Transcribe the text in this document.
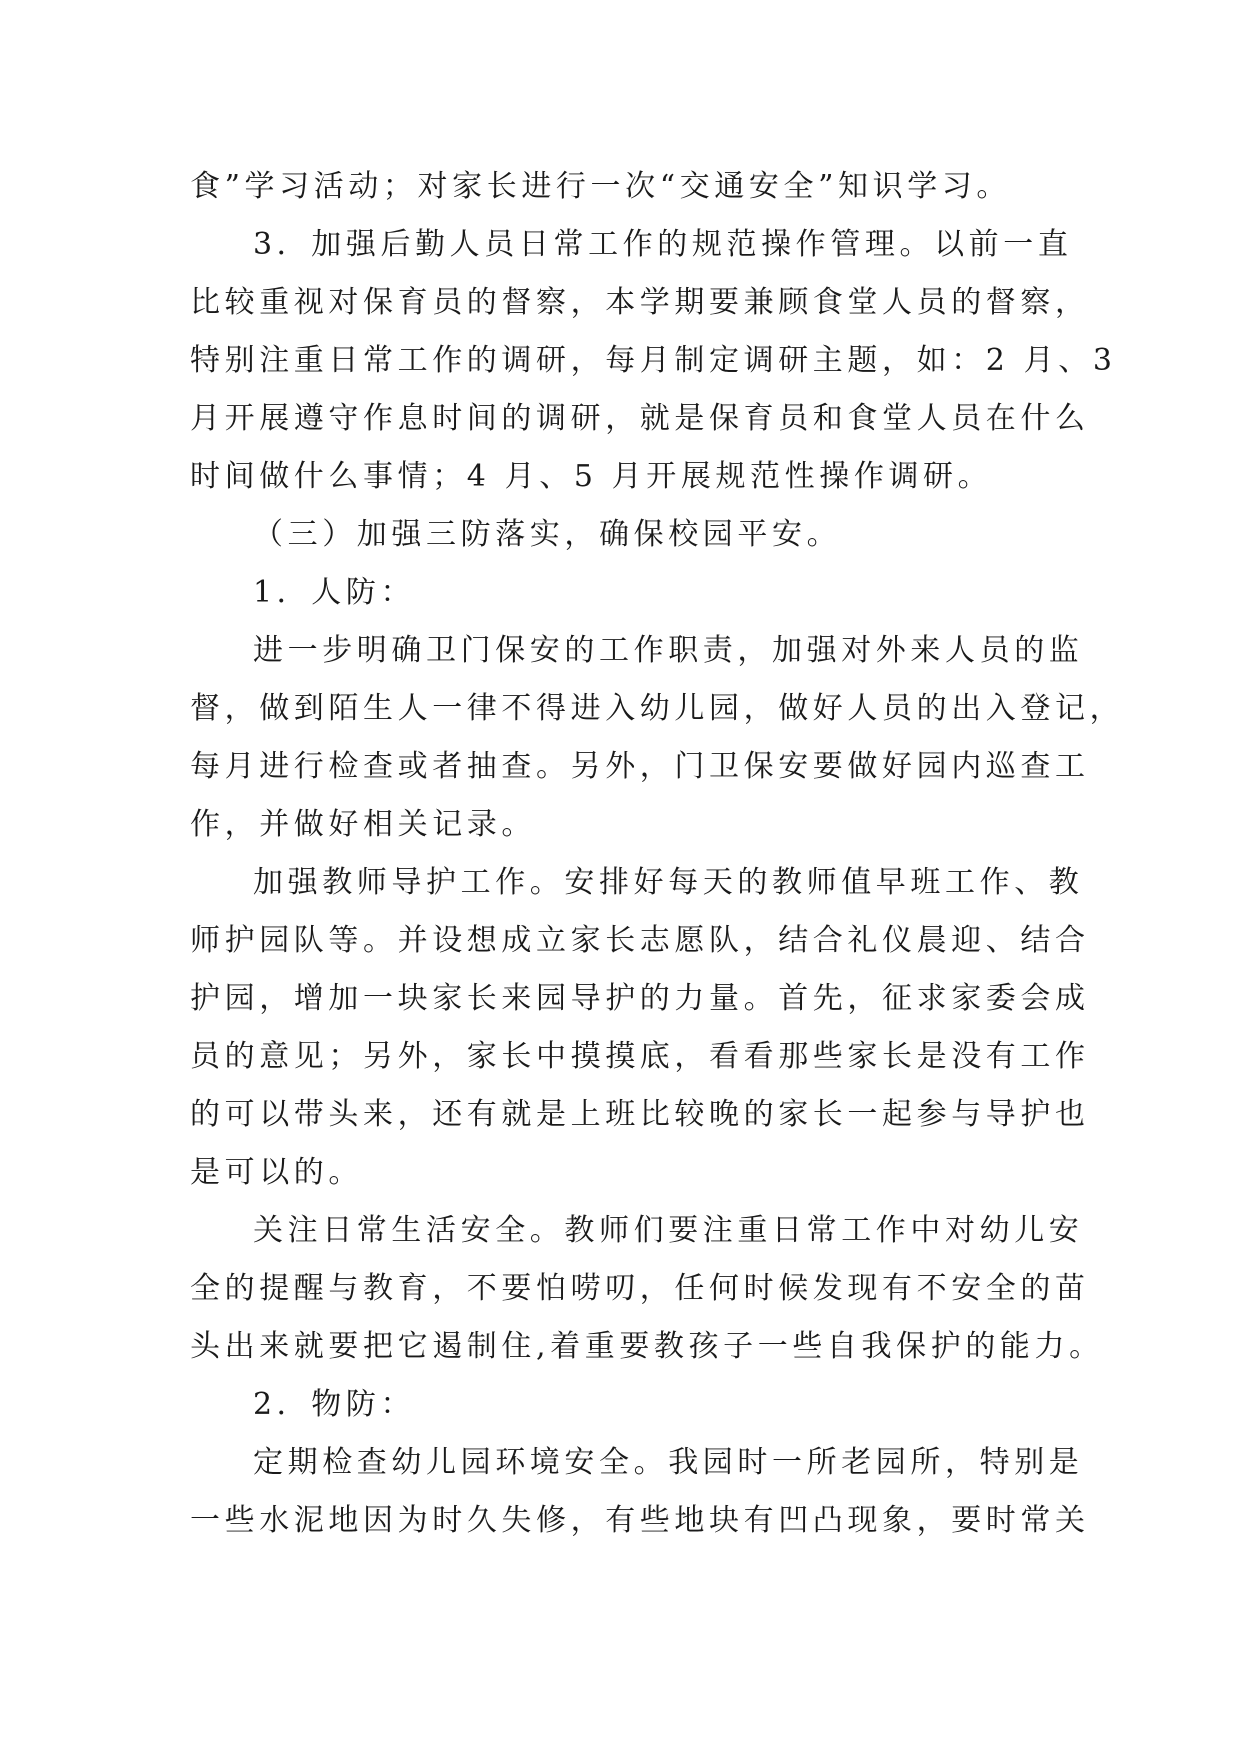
食”学习活动；对家长进行一次“交通安全”知识学习。

3．加强后勤人员日常工作的规范操作管理。以前一直

比较重视对保育员的督察，本学期要兼顾食堂人员的督察，

特别注重日常工作的调研，每月制定调研主题，如：2 月、3

月开展遵守作息时间的调研，就是保育员和食堂人员在什么

时间做什么事情；4 月、5 月开展规范性操作调研。

（三）加强三防落实，确保校园平安。

1．人防：

进一步明确卫门保安的工作职责，加强对外来人员的监

督，做到陌生人一律不得进入幼儿园，做好人员的出入登记，

每月进行检查或者抽查。另外，门卫保安要做好园内巡查工

作，并做好相关记录。

加强教师导护工作。安排好每天的教师值早班工作、教

师护园队等。并设想成立家长志愿队，结合礼仪晨迎、结合

护园，增加一块家长来园导护的力量。首先，征求家委会成

员的意见；另外，家长中摸摸底，看看那些家长是没有工作

的可以带头来，还有就是上班比较晚的家长一起参与导护也

是可以的。

关注日常生活安全。教师们要注重日常工作中对幼儿安

全的提醒与教育，不要怕唠叨，任何时候发现有不安全的苗

头出来就要把它遏制住,着重要教孩子一些自我保护的能力。

2．物防：

定期检查幼儿园环境安全。我园时一所老园所，特别是

一些水泥地因为时久失修，有些地块有凹凸现象，要时常关
